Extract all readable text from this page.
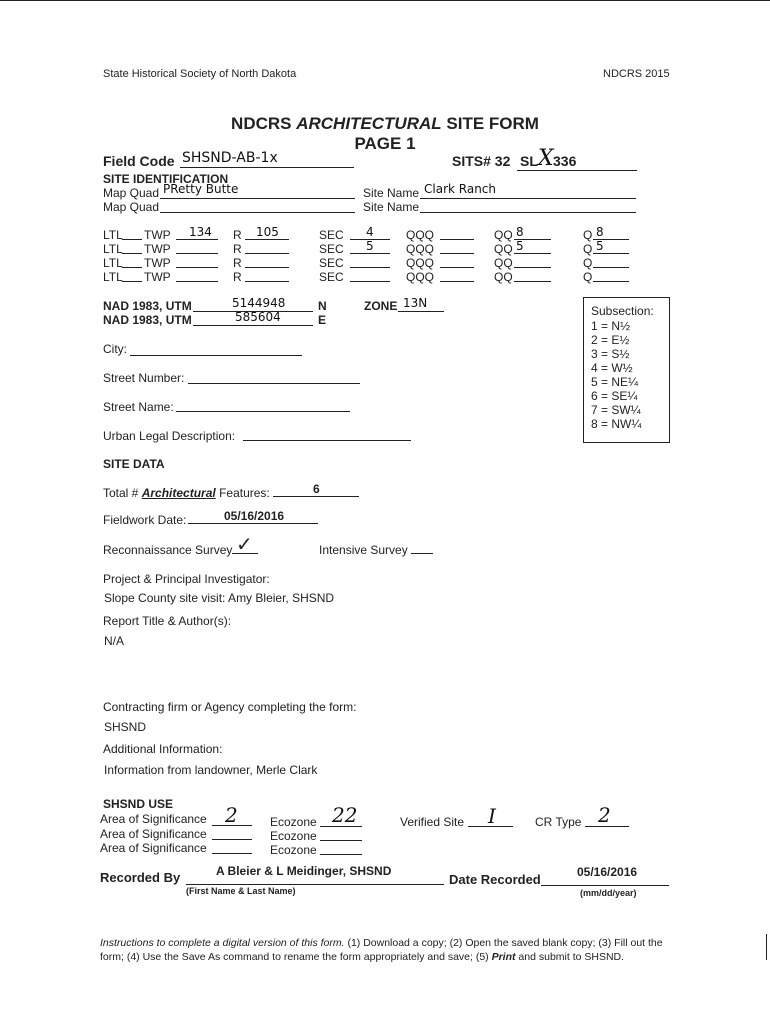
State Historical Society of North Dakota	NDCRS 2015
NDCRS ARCHITECTURAL SITE FORM
PAGE 1
Field Code SHSND-AB-1x	SITS# 32 SL X 336
SITE IDENTIFICATION
Map Quad PRetty Butte	Site Name Clark Ranch
Map Quad	Site Name
LTL TWP 134 R 105	SEC 4	QQQ	QQ 8	Q 8
LTL TWP	R	SEC 5	QQQ	QQ 5	Q 5
LTL TWP	R	SEC	QQQ	QQ	Q
LTL TWP	R	SEC	QQQ	QQ	Q
NAD 1983, UTM	5144948	N	ZONE 13N
NAD 1983, UTM	585604	E
Subsection:
1 = N½
2 = E½
3 = S½
4 = W½
5 = NE¼
6 = SE¼
7 = SW¼
8 = NW¼
City:
Street Number:
Street Name:
Urban Legal Description:
SITE DATA
Total # Architectural Features:	6
Fieldwork Date:	05/16/2016
Reconnaissance Survey ✓	Intensive Survey
Project & Principal Investigator:
Slope County site visit: Amy Bleier, SHSND
Report Title & Author(s):
N/A
Contracting firm or Agency completing the form:
SHSND
Additional Information:
Information from landowner, Merle Clark
SHSND USE
Area of Significance 2	Ecozone 22	Verified Site I	CR Type 2
Area of Significance	Ecozone
Area of Significance	Ecozone
Recorded By	A Bleier & L Meidinger, SHSND
(First Name & Last Name)
Date Recorded	05/16/2016
(mm/dd/year)
Instructions to complete a digital version of this form. (1) Download a copy; (2) Open the saved blank copy; (3) Fill out the form; (4) Use the Save As command to rename the form appropriately and save; (5) Print and submit to SHSND.
